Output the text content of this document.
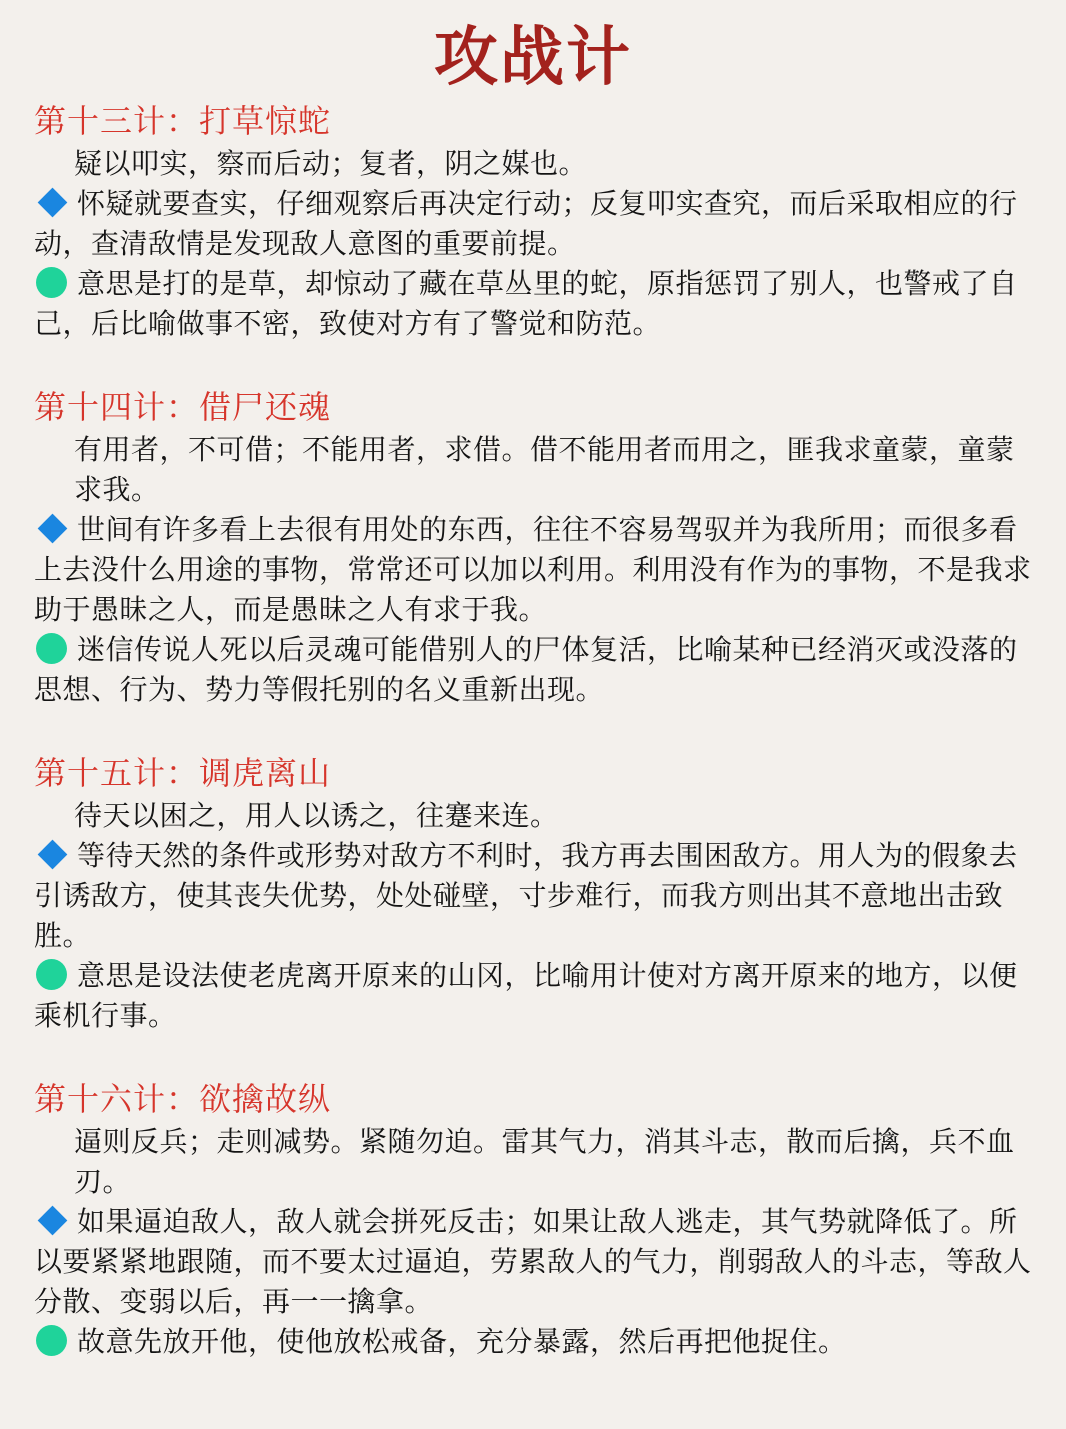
攻战计
第十三计：打草惊蛇

疑以叩实，察而后动；复者，阴之媒也。

怀疑就要查实，仔细观察后再决定行动；反复叩实查究，而后采取相应的行动，查清敌情是发现敌人意图的重要前提。

意思是打的是草，却惊动了藏在草丛里的蛇，原指惩罚了别人，也警戒了自己，后比喻做事不密，致使对方有了警觉和防范。

第十四计：借尸还魂

有用者，不可借；不能用者，求借。借不能用者而用之，匪我求童蒙，童蒙求我。

世间有许多看上去很有用处的东西，往往不容易驾驭并为我所用；而很多看上去没什么用途的事物，常常还可以加以利用。利用没有作为的事物，不是我求助于愚昧之人，而是愚昧之人有求于我。

迷信传说人死以后灵魂可能借别人的尸体复活，比喻某种已经消灭或没落的思想、行为、势力等假托别的名义重新出现。

第十五计：调虎离山

待天以困之，用人以诱之，往蹇来连。

等待天然的条件或形势对敌方不利时，我方再去围困敌方。用人为的假象去引诱敌方，使其丧失优势，处处碰壁，寸步难行，而我方则出其不意地出击致胜。

意思是设法使老虎离开原来的山冈，比喻用计使对方离开原来的地方，以便乘机行事。

第十六计：欲擒故纵

逼则反兵；走则减势。紧随勿迫。雷其气力，消其斗志，散而后擒，兵不血刃。

如果逼迫敌人，敌人就会拼死反击；如果让敌人逃走，其气势就降低了。所以要紧紧地跟随，而不要太过逼迫，劳累敌人的气力，削弱敌人的斗志，等敌人分散、变弱以后，再一一擒拿。

故意先放开他，使他放松戒备，充分暴露，然后再把他捉住。
